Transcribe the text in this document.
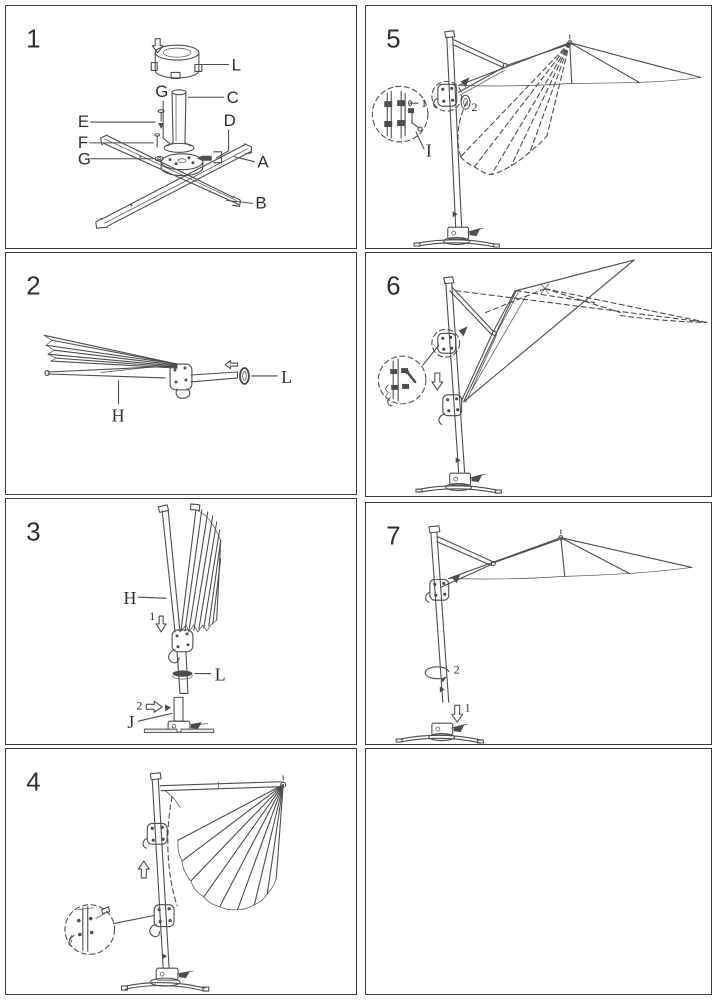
1
L
C
G
E
F
G
D
A
B
2
L
H
3
H
1
L
2
J
4
5
2
1
I
6
7
2
1
